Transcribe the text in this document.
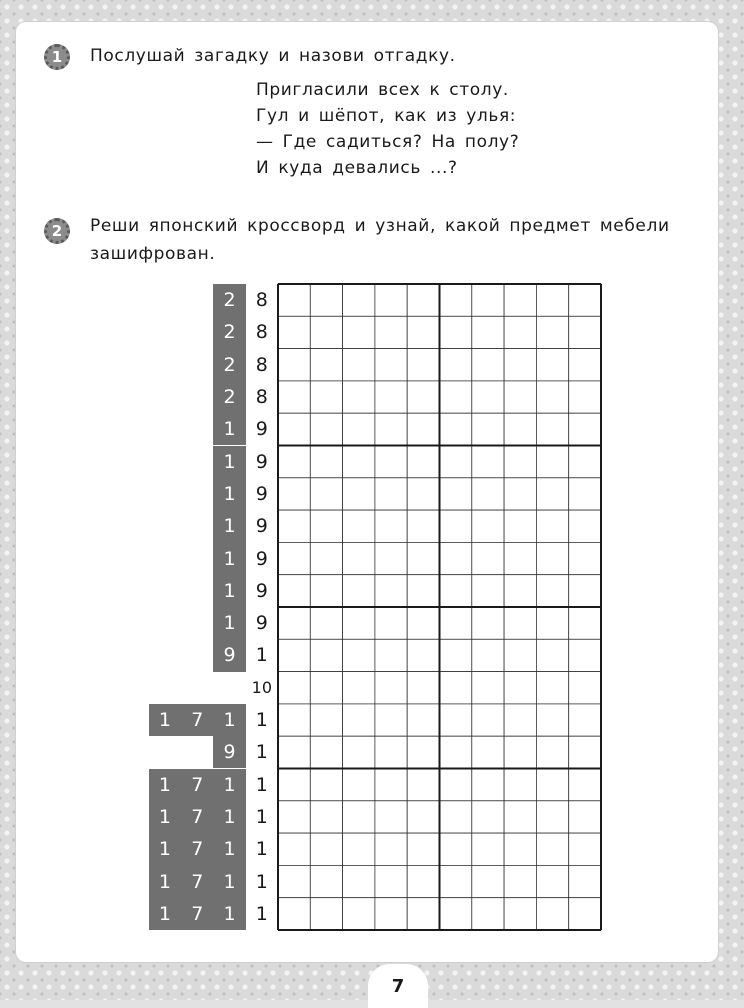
1	Послушай загадку и назови отгадку.
Пригласили всех к столу.
Гул и шёпот, как из улья:
— Где садиться? На полу?
И куда девались ...?
2	Реши японский кроссворд и узнай, какой предмет мебели
зашифрован.
2	8
2	8
2	8
2	8
1	9
1	9
1	9
1	9
1	9
1	9
1	9
9	1
10
1	7	1	1
9	1
1	7	1	1
1	7	1	1
1	7	1	1
1	7	1	1
1	7	1	1
7
